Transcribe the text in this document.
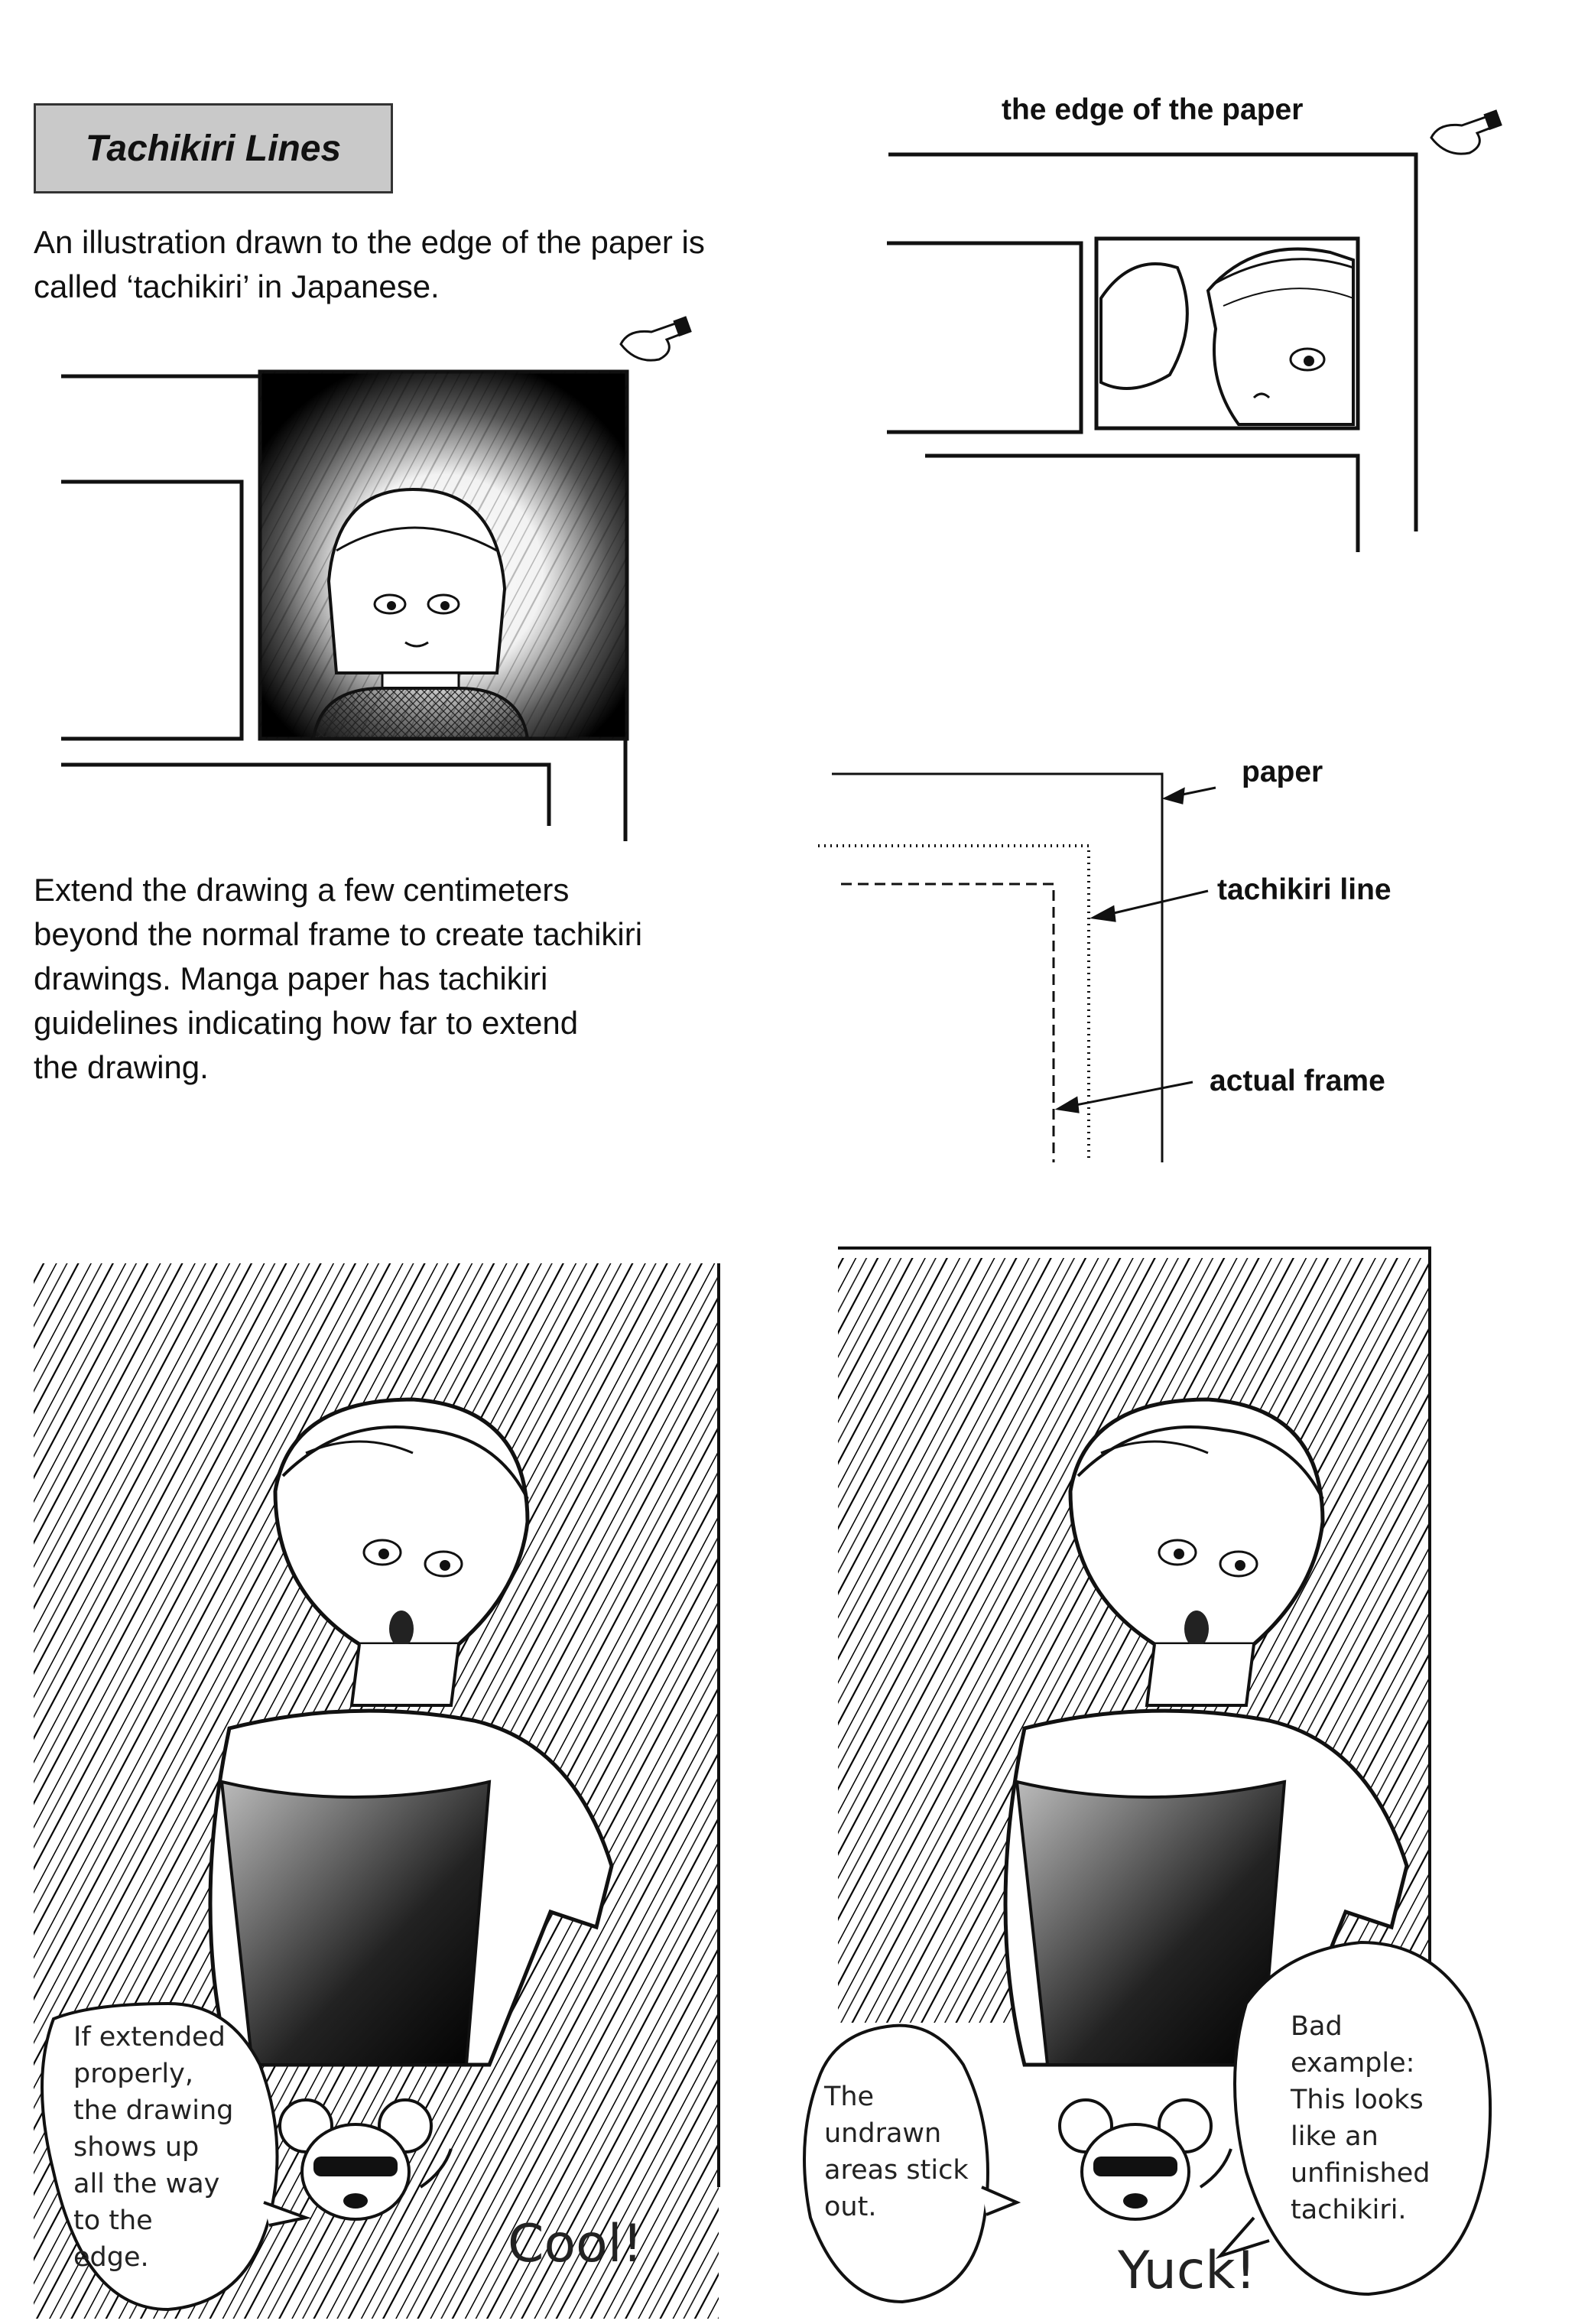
Tachikiri Lines
An illustration drawn to the edge of the paper is
called ‘tachikiri’ in Japanese.
the edge of the paper
Extend the drawing a few centimeters
beyond the normal frame to create tachikiri
drawings. Manga paper has tachikiri
guidelines indicating how far to extend
the drawing.
paper
tachikiri line
actual frame
If extended
properly,
the drawing
shows up
all the way
to the
edge.	Cool!
The
undrawn
areas stick
out.
Bad
example:
This looks
like an
unfinished
tachikiri.
Yuck!
